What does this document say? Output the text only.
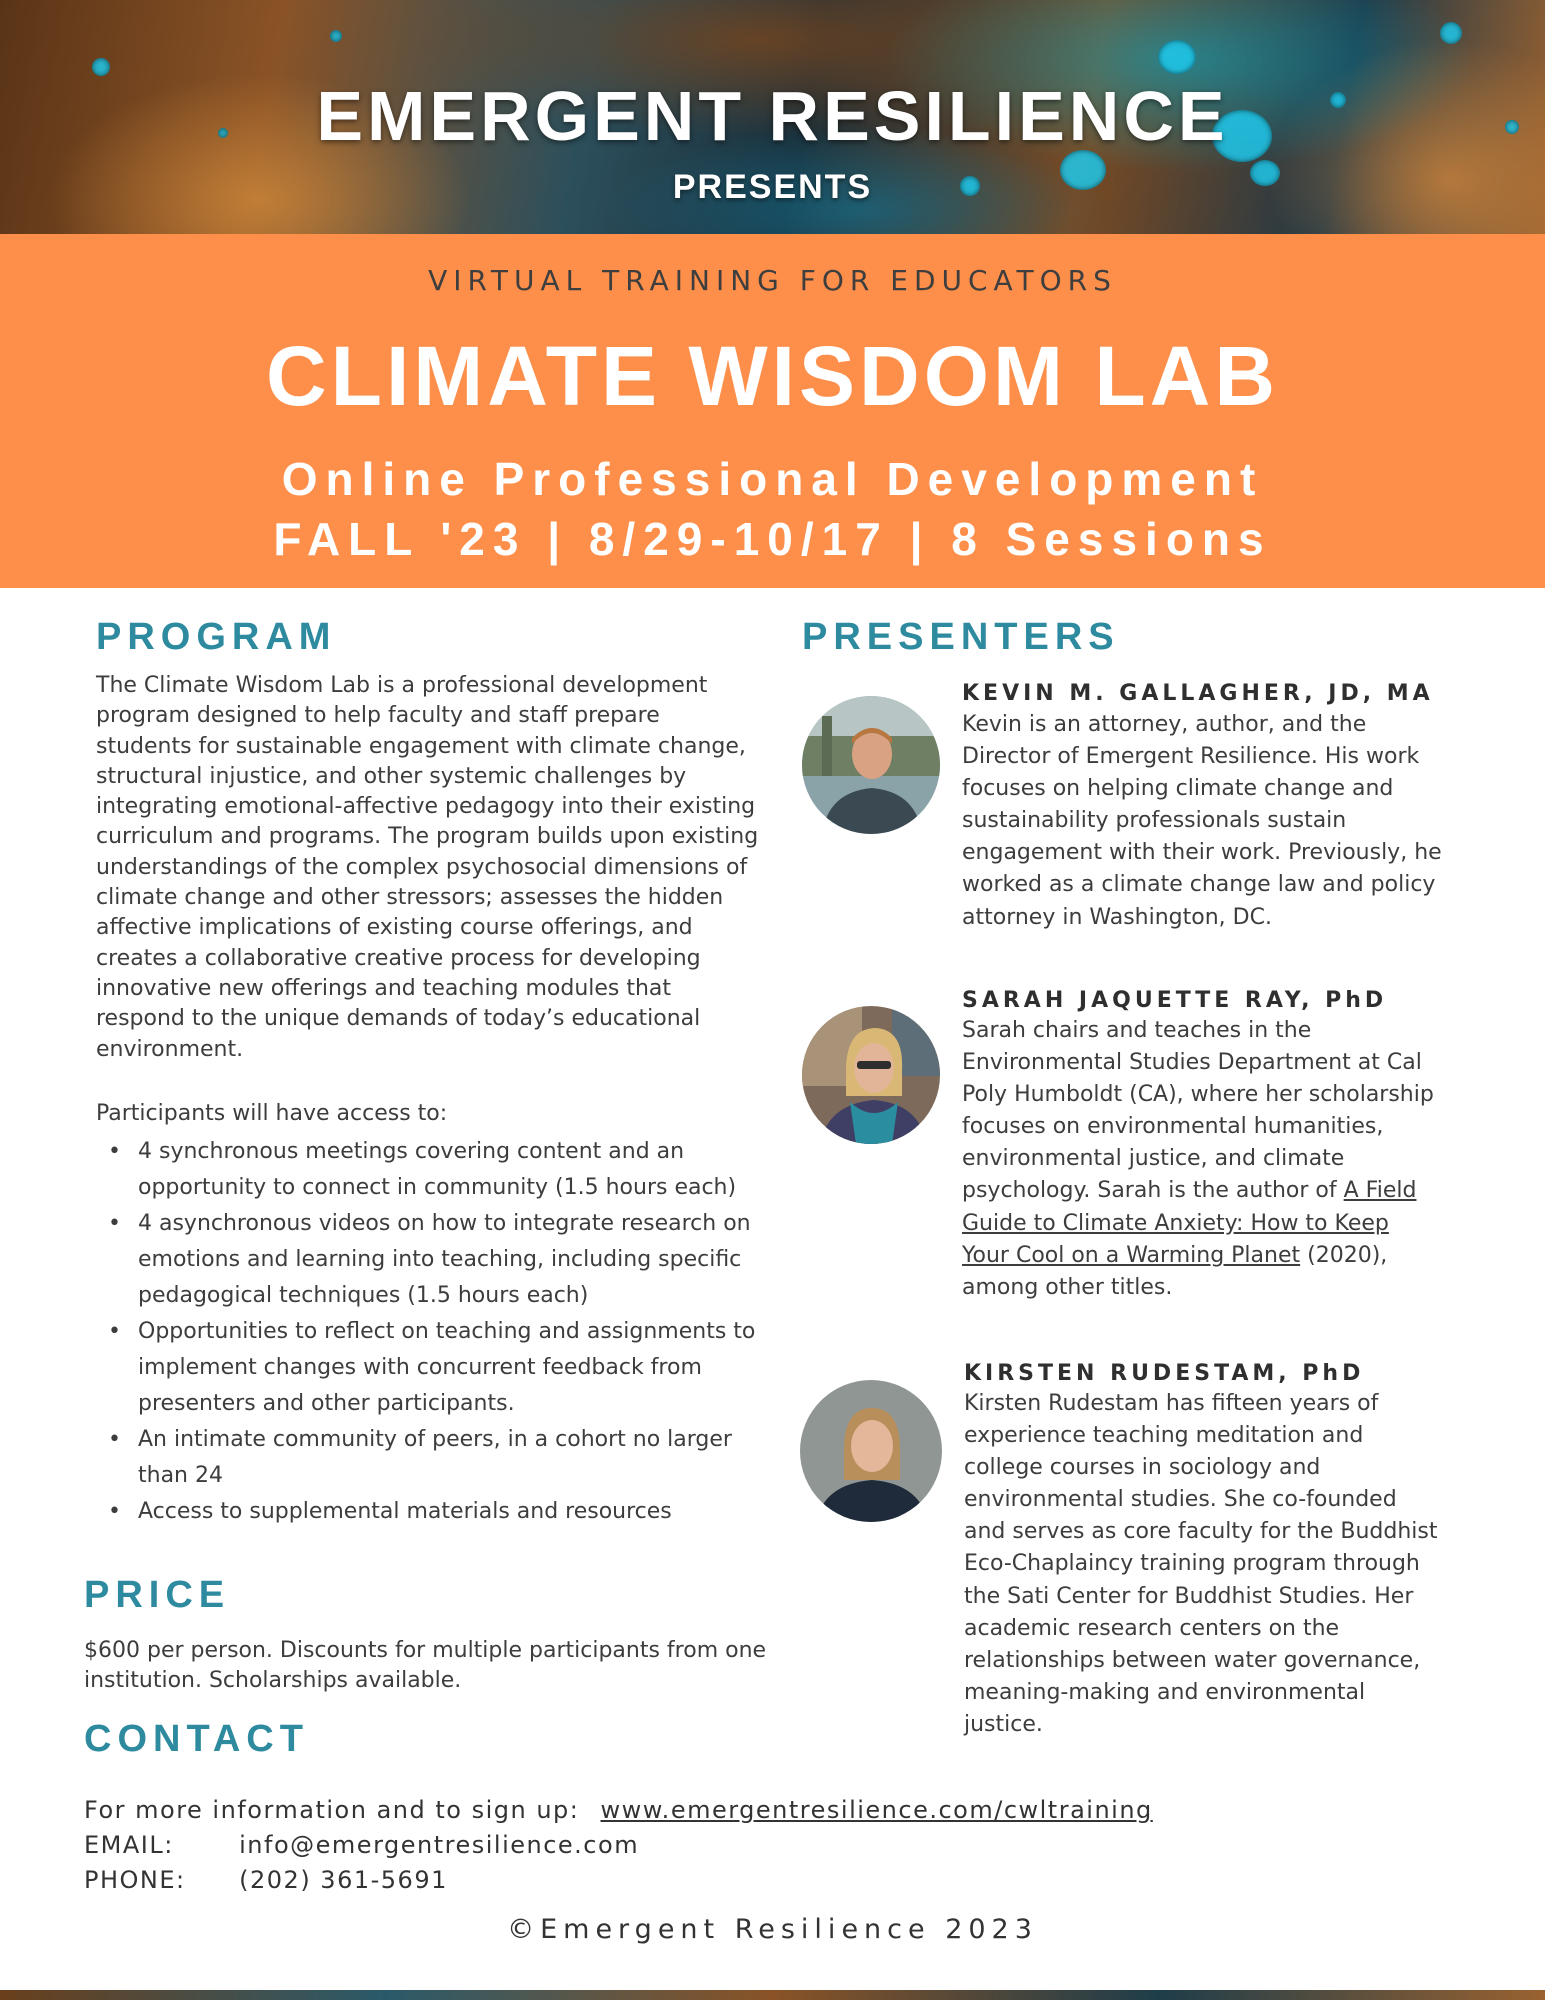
EMERGENT RESILIENCE
PRESENTS
VIRTUAL TRAINING FOR EDUCATORS
CLIMATE WISDOM LAB
Online Professional Development
FALL '23 | 8/29-10/17 | 8 Sessions
PROGRAM

The Climate Wisdom Lab is a professional development program designed to help faculty and staff prepare students for sustainable engagement with climate change, structural injustice, and other systemic challenges by integrating emotional-affective pedagogy into their existing curriculum and programs. The program builds upon existing understandings of the complex psychosocial dimensions of climate change and other stressors; assesses the hidden affective implications of existing course offerings, and creates a collaborative creative process for developing innovative new offerings and teaching modules that respond to the unique demands of today’s educational environment.

Participants will have access to:

• 4 synchronous meetings covering content and an opportunity to connect in community (1.5 hours each)
• 4 asynchronous videos on how to integrate research on emotions and learning into teaching, including specific pedagogical techniques (1.5 hours each)
• Opportunities to reflect on teaching and assignments to implement changes with concurrent feedback from presenters and other participants.
• An intimate community of peers, in a cohort no larger than 24
• Access to supplemental materials and resources
PRICE

$600 per person. Discounts for multiple participants from one institution. Scholarships available.

CONTACT

For more information and to sign up: www.emergentresilience.com/cwltraining

EMAIL:	info@emergentresilience.com

PHONE: (202) 361-5691

PRESENTERS

KEVIN M. GALLAGHER, JD, MA

Kevin is an attorney, author, and the Director of Emergent Resilience. His work focuses on helping climate change and sustainability professionals sustain engagement with their work. Previously, he worked as a climate change law and policy attorney in Washington, DC.

SARAH JAQUETTE RAY, PhD

Sarah chairs and teaches in the Environmental Studies Department at Cal Poly Humboldt (CA), where her scholarship focuses on environmental humanities, environmental justice, and climate psychology. Sarah is the author of A Field Guide to Climate Anxiety: How to Keep Your Cool on a Warming Planet (2020), among other titles.

KIRSTEN RUDESTAM, PhD

Kirsten Rudestam has fifteen years of experience teaching meditation and college courses in sociology and environmental studies. She co-founded and serves as core faculty for the Buddhist Eco-Chaplaincy training program through the Sati Center for Buddhist Studies. Her academic research centers on the relationships between water governance, meaning-making and environmental justice.

©Emergent Resilience 2023
